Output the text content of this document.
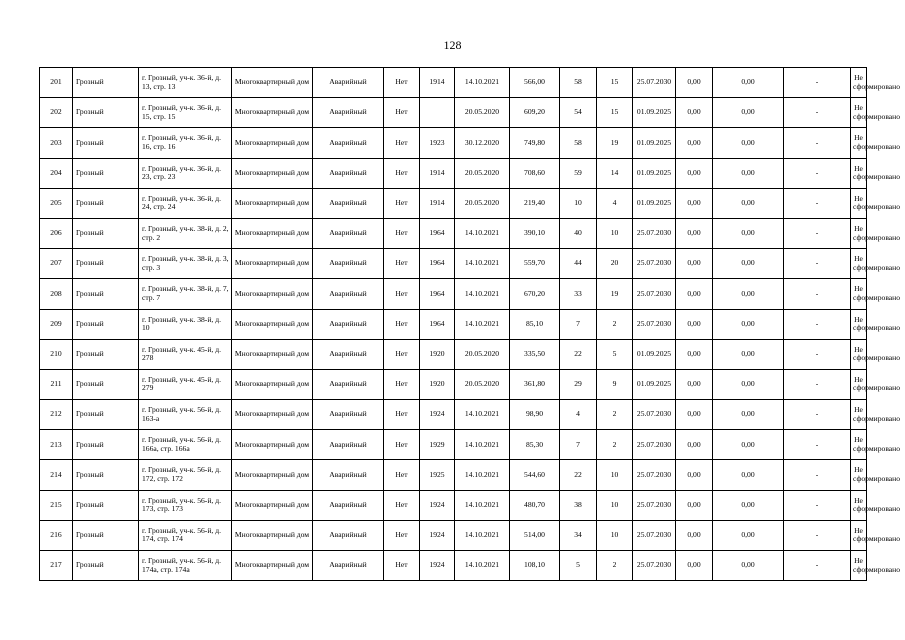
128
201	Грозный	г. Грозный, уч-к. 36-й, д. 13, стр. 13	Многоквартирный дом	Аварийный	Нет	1914	14.10.2021	566,00	58	15	25.07.2030	0,00	0,00	-	Не сформировано
202	Грозный	г. Грозный, уч-к. 36-й, д. 15, стр. 15	Многоквартирный дом	Аварийный	Нет		20.05.2020	609,20	54	15	01.09.2025	0,00	0,00	-	Не сформировано
203	Грозный	г. Грозный, уч-к. 36-й, д. 16, стр. 16	Многоквартирный дом	Аварийный	Нет	1923	30.12.2020	749,80	58	19	01.09.2025	0,00	0,00	-	Не сформировано
204	Грозный	г. Грозный, уч-к. 36-й, д. 23, стр. 23	Многоквартирный дом	Аварийный	Нет	1914	20.05.2020	708,60	59	14	01.09.2025	0,00	0,00	-	Не сформировано
205	Грозный	г. Грозный, уч-к. 36-й, д. 24, стр. 24	Многоквартирный дом	Аварийный	Нет	1914	20.05.2020	219,40	10	4	01.09.2025	0,00	0,00	-	Не сформировано
206	Грозный	г. Грозный, уч-к. 38-й, д. 2, стр. 2	Многоквартирный дом	Аварийный	Нет	1964	14.10.2021	390,10	40	10	25.07.2030	0,00	0,00	-	Не сформировано
207	Грозный	г. Грозный, уч-к. 38-й, д. 3, стр. 3	Многоквартирный дом	Аварийный	Нет	1964	14.10.2021	559,70	44	20	25.07.2030	0,00	0,00	-	Не сформировано
208	Грозный	г. Грозный, уч-к. 38-й, д. 7, стр. 7	Многоквартирный дом	Аварийный	Нет	1964	14.10.2021	670,20	33	19	25.07.2030	0,00	0,00	-	Не сформировано
209	Грозный	г. Грозный, уч-к. 38-й, д. 10	Многоквартирный дом	Аварийный	Нет	1964	14.10.2021	85,10	7	2	25.07.2030	0,00	0,00	-	Не сформировано
210	Грозный	г. Грозный, уч-к. 45-й, д. 278	Многоквартирный дом	Аварийный	Нет	1920	20.05.2020	335,50	22	5	01.09.2025	0,00	0,00	-	Не сформировано
211	Грозный	г. Грозный, уч-к. 45-й, д. 279	Многоквартирный дом	Аварийный	Нет	1920	20.05.2020	361,80	29	9	01.09.2025	0,00	0,00	-	Не сформировано
212	Грозный	г. Грозный, уч-к. 56-й, д. 163-а	Многоквартирный дом	Аварийный	Нет	1924	14.10.2021	98,90	4	2	25.07.2030	0,00	0,00	-	Не сформировано
213	Грозный	г. Грозный, уч-к. 56-й, д. 166а, стр. 166а	Многоквартирный дом	Аварийный	Нет	1929	14.10.2021	85,30	7	2	25.07.2030	0,00	0,00	-	Не сформировано
214	Грозный	г. Грозный, уч-к. 56-й, д. 172, стр. 172	Многоквартирный дом	Аварийный	Нет	1925	14.10.2021	544,60	22	10	25.07.2030	0,00	0,00	-	Не сформировано
215	Грозный	г. Грозный, уч-к. 56-й, д. 173, стр. 173	Многоквартирный дом	Аварийный	Нет	1924	14.10.2021	480,70	38	10	25.07.2030	0,00	0,00	-	Не сформировано
216	Грозный	г. Грозный, уч-к. 56-й, д. 174, стр. 174	Многоквартирный дом	Аварийный	Нет	1924	14.10.2021	514,00	34	10	25.07.2030	0,00	0,00	-	Не сформировано
217	Грозный	г. Грозный, уч-к. 56-й, д. 174а, стр. 174а	Многоквартирный дом	Аварийный	Нет	1924	14.10.2021	108,10	5	2	25.07.2030	0,00	0,00	-	Не сформировано
